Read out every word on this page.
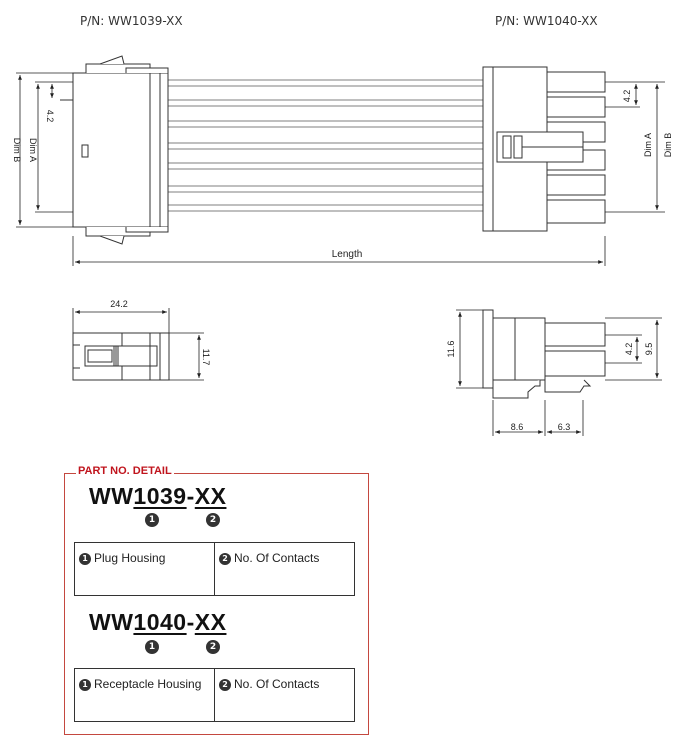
P/N: WW1039-XX	P/N: WW1040-XX
4.2
Dim A
Dim B
4.2
Dim A Dim B
Length
24.2
11.7	11.6	4.2 9.5
8.6	6.3
PART NO. DETAIL
WW1039-XX
1	2
1 Plug Housing	2 No. Of Contacts
WW1040-XX
1	2
1 Receptacle Housing	2 No. Of Contacts
